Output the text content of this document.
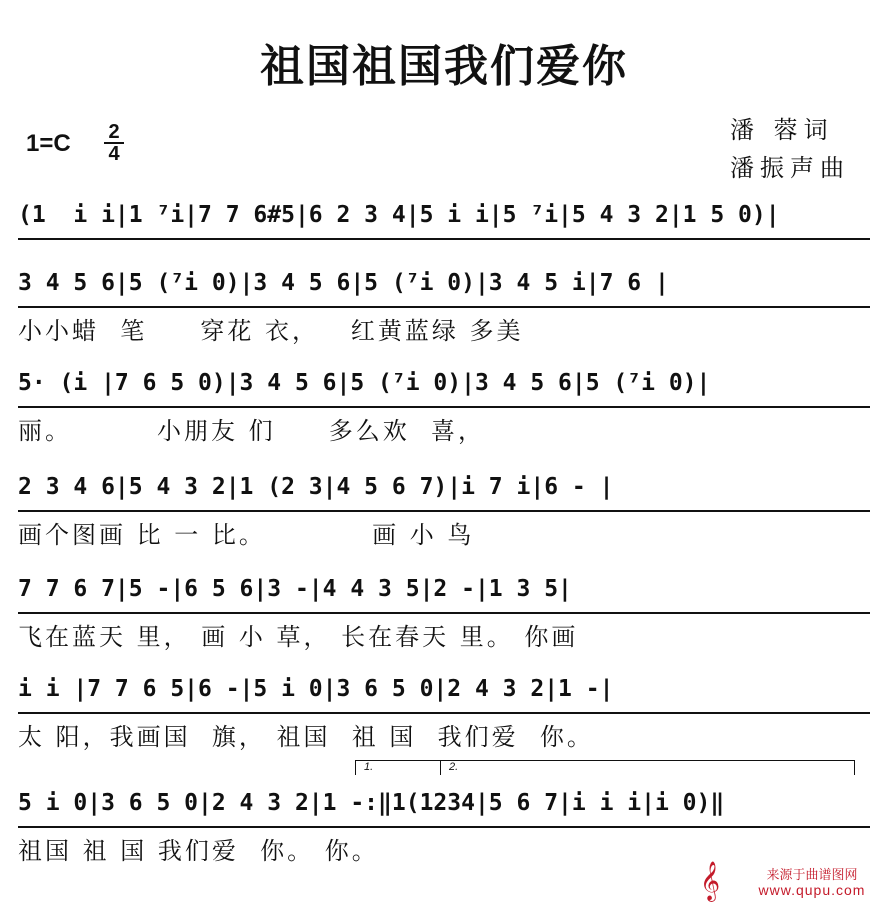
祖国祖国我们爱你
1=C	2
4
潘 蓉词
潘振声曲
(1  i i|1 ⁷i|7 7 6#5|6 2 3 4|5 i i|5 ⁷i|5 4 3 2|1 5 0)|
3 4 5 6|5 (⁷i 0)|3 4 5 6|5 (⁷i 0)|3 4 5 i|7 6 |
小小蜡  笔     穿花 衣，   红黄蓝绿 多美
5· (i |7 6 5 0)|3 4 5 6|5 (⁷i 0)|3 4 5 6|5 (⁷i 0)|
丽。        小朋友 们     多么欢  喜，
2 3 4 6|5 4 3 2|1 (2 3|4 5 6 7)|i 7 i|6 - |
画个图画 比 一 比。          画 小 鸟
7 7 6 7|5 -|6 5 6|3 -|4 4 3 5|2 -|1 3 5|
飞在蓝天 里， 画 小 草， 长在春天 里。 你画
i i |7 7 6 5|6 -|5 i 0|3 6 5 0|2 4 3 2|1 -|
太 阳，我画国  旗， 祖国  祖 国  我们爱  你。
1.	2.
5 i 0|3 6 5 0|2 4 3 2|1 -:‖1(1234|5 6 7|i i i|i 0)‖
祖国 祖 国 我们爱  你。 你。
𝄞	来源于曲谱图网
www.qupu.com
